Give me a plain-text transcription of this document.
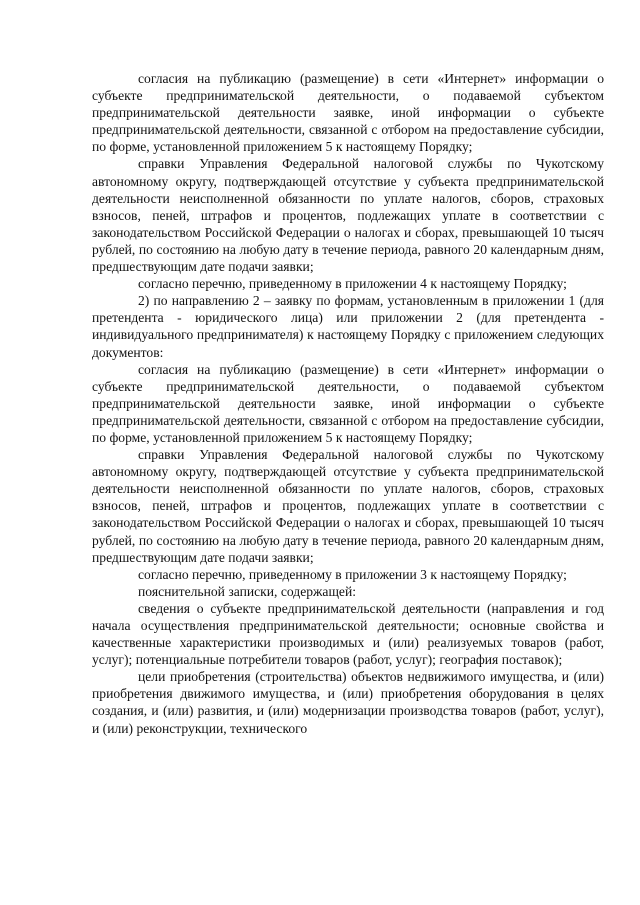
согласия на публикацию (размещение) в сети «Интернет» информации о субъекте предпринимательской деятельности, о подаваемой субъектом предпринимательской деятельности заявке, иной информации о субъекте предпринимательской деятельности, связанной с отбором на предоставление субсидии, по форме, установленной приложением 5 к настоящему Порядку;

справки Управления Федеральной налоговой службы по Чукотскому автономному округу, подтверждающей отсутствие у субъекта предпринимательской деятельности неисполненной обязанности по уплате налогов, сборов, страховых взносов, пеней, штрафов и процентов, подлежащих уплате в соответствии с законодательством Российской Федерации о налогах и сборах, превышающей 10 тысяч рублей, по состоянию на любую дату в течение периода, равного 20 календарным дням, предшествующим дате подачи заявки;

согласно перечню, приведенному в приложении 4 к настоящему Порядку;

2) по направлению 2 – заявку по формам, установленным в приложении 1 (для претендента - юридического лица) или приложении 2 (для претендента - индивидуального предпринимателя) к настоящему Порядку с приложением следующих документов:

согласия на публикацию (размещение) в сети «Интернет» информации о субъекте предпринимательской деятельности, о подаваемой субъектом предпринимательской деятельности заявке, иной информации о субъекте предпринимательской деятельности, связанной с отбором на предоставление субсидии, по форме, установленной приложением 5 к настоящему Порядку;

справки Управления Федеральной налоговой службы по Чукотскому автономному округу, подтверждающей отсутствие у субъекта предпринимательской деятельности неисполненной обязанности по уплате налогов, сборов, страховых взносов, пеней, штрафов и процентов, подлежащих уплате в соответствии с законодательством Российской Федерации о налогах и сборах, превышающей 10 тысяч рублей, по состоянию на любую дату в течение периода, равного 20 календарным дням, предшествующим дате подачи заявки;

согласно перечню, приведенному в приложении 3 к настоящему Порядку;

пояснительной записки, содержащей:

сведения о субъекте предпринимательской деятельности (направления и год начала осуществления предпринимательской деятельности; основные свойства и качественные характеристики производимых и (или) реализуемых товаров (работ, услуг); потенциальные потребители товаров (работ, услуг); география поставок);

цели приобретения (строительства) объектов недвижимого имущества, и (или) приобретения движимого имущества, и (или) приобретения оборудования в целях создания, и (или) развития, и (или) модернизации производства товаров (работ, услуг), и (или) реконструкции, технического
